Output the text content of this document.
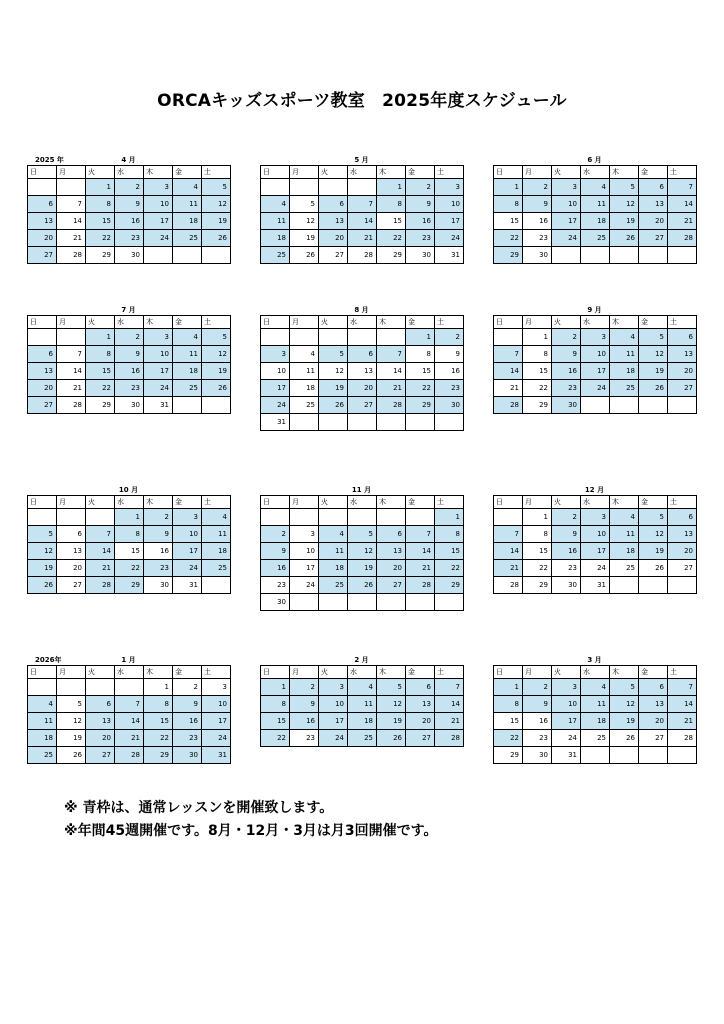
ORCAキッズスポーツ教室　2025年度スケジュール
2025 年	4 月
日	月	火	水	木	金	土
		1	2	3	4	5
6	7	8	9	10	11	12
13	14	15	16	17	18	19
20	21	22	23	24	25	26
27	28	29	30			
5 月
日	月	火	水	木	金	土
				1	2	3
4	5	6	7	8	9	10
11	12	13	14	15	16	17
18	19	20	21	22	23	24
25	26	27	28	29	30	31
6 月
日	月	火	水	木	金	土
1	2	3	4	5	6	7
8	9	10	11	12	13	14
15	16	17	18	19	20	21
22	23	24	25	26	27	28
29	30					
7 月
日	月	火	水	木	金	土
		1	2	3	4	5
6	7	8	9	10	11	12
13	14	15	16	17	18	19
20	21	22	23	24	25	26
27	28	29	30	31		
8 月
日	月	火	水	木	金	土
					1	2
3	4	5	6	7	8	9
10	11	12	13	14	15	16
17	18	19	20	21	22	23
24	25	26	27	28	29	30
31						
9 月
日	月	火	水	木	金	土
	1	2	3	4	5	6
7	8	9	10	11	12	13
14	15	16	17	18	19	20
21	22	23	24	25	26	27
28	29	30				
10 月
日	月	火	水	木	金	土
			1	2	3	4
5	6	7	8	9	10	11
12	13	14	15	16	17	18
19	20	21	22	23	24	25
26	27	28	29	30	31	
11 月
日	月	火	水	木	金	土
						1
2	3	4	5	6	7	8
9	10	11	12	13	14	15
16	17	18	19	20	21	22
23	24	25	26	27	28	29
30						
12 月
日	月	火	水	木	金	土
	1	2	3	4	5	6
7	8	9	10	11	12	13
14	15	16	17	18	19	20
21	22	23	24	25	26	27
28	29	30	31			
2026年	1 月
日	月	火	水	木	金	土
				1	2	3
4	5	6	7	8	9	10
11	12	13	14	15	16	17
18	19	20	21	22	23	24
25	26	27	28	29	30	31
2 月
日	月	火	水	木	金	土
1	2	3	4	5	6	7
8	9	10	11	12	13	14
15	16	17	18	19	20	21
22	23	24	25	26	27	28
3 月
日	月	火	水	木	金	土
1	2	3	4	5	6	7
8	9	10	11	12	13	14
15	16	17	18	19	20	21
22	23	24	25	26	27	28
29	30	31				
※ 青枠は、通常レッスンを開催致します。
※年間45週開催です。8月・12月・3月は月3回開催です。
